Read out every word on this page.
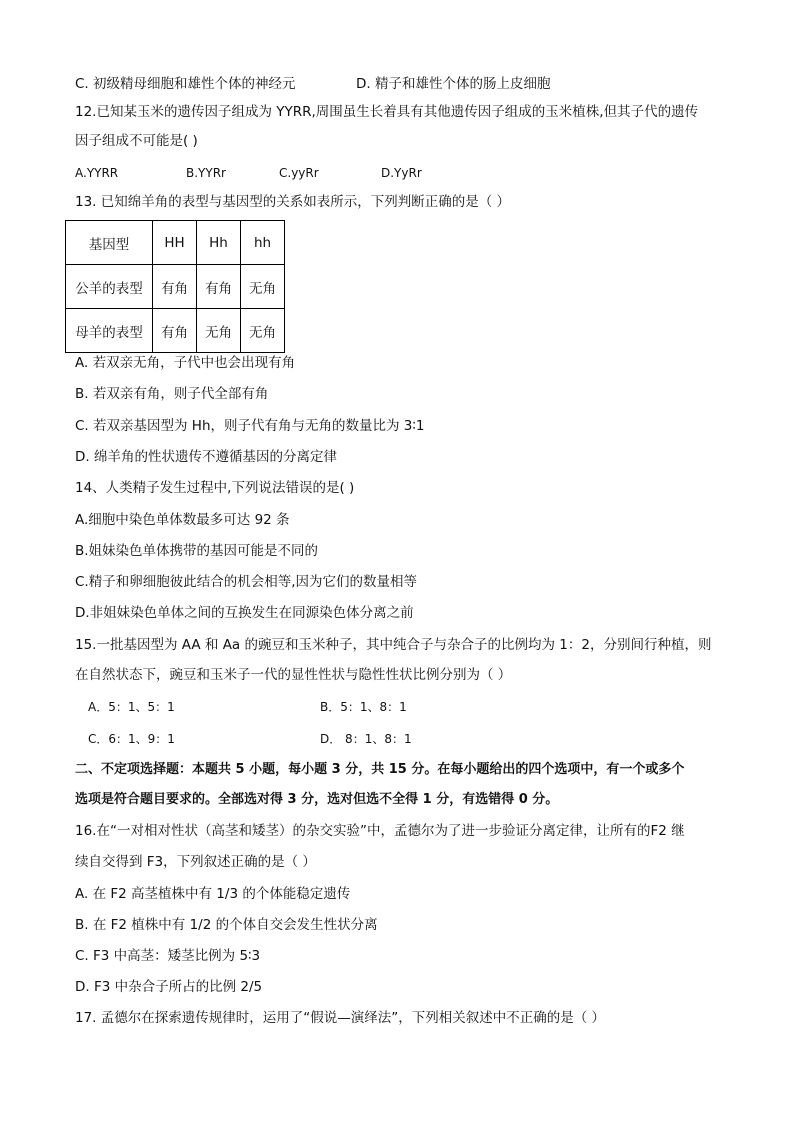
C. 初级精母细胞和雄性个体的神经元	D. 精子和雄性个体的肠上皮细胞
12.已知某玉米的遗传因子组成为 YYRR,周围虽生长着具有其他遗传因子组成的玉米植株,但其子代的遗传
因子组成不可能是( )
A.YYRR	B.YYRr	C.yyRr	D.YyRr
13. 已知绵羊角的表型与基因型的关系如表所示，下列判断正确的是（ ）
基因型	HH	Hh	hh
公羊的表型	有角	有角	无角
母羊的表型	有角	无角	无角
A. 若双亲无角，子代中也会出现有角
B. 若双亲有角，则子代全部有角
C. 若双亲基因型为 Hh，则子代有角与无角的数量比为 3∶1
D. 绵羊角的性状遗传不遵循基因的分离定律
14、人类精子发生过程中,下列说法错误的是( )
A.细胞中染色单体数最多可达 92 条
B.姐妹染色单体携带的基因可能是不同的
C.精子和卵细胞彼此结合的机会相等,因为它们的数量相等
D.非姐妹染色单体之间的互换发生在同源染色体分离之前
15.一批基因型为 AA 和 Aa 的豌豆和玉米种子，其中纯合子与杂合子的比例均为 1：2，分别间行种植，则
在自然状态下，豌豆和玉米子一代的显性性状与隐性性状比例分别为（ ）
A．5：1、5：1	B．5：1、8：1
C．6：1、9：1	D． 8：1、8：1
二、不定项选择题：本题共 5 小题，每小题 3 分，共 15 分。在每小题给出的四个选项中，有一个或多个
选项是符合题目要求的。全部选对得 3 分，选对但选不全得 1 分，有选错得 0 分。
16.在“一对相对性状（高茎和矮茎）的杂交实验”中，孟德尔为了进一步验证分离定律，让所有的F2 继
续自交得到 F3，下列叙述正确的是（ ）
A. 在 F2 高茎植株中有 1/3 的个体能稳定遗传
B. 在 F2 植株中有 1/2 的个体自交会发生性状分离
C. F3 中高茎：矮茎比例为 5∶3
D. F3 中杂合子所占的比例 2/5
17. 孟德尔在探索遗传规律时，运用了“假说—演绎法”，下列相关叙述中不正确的是（ ）
